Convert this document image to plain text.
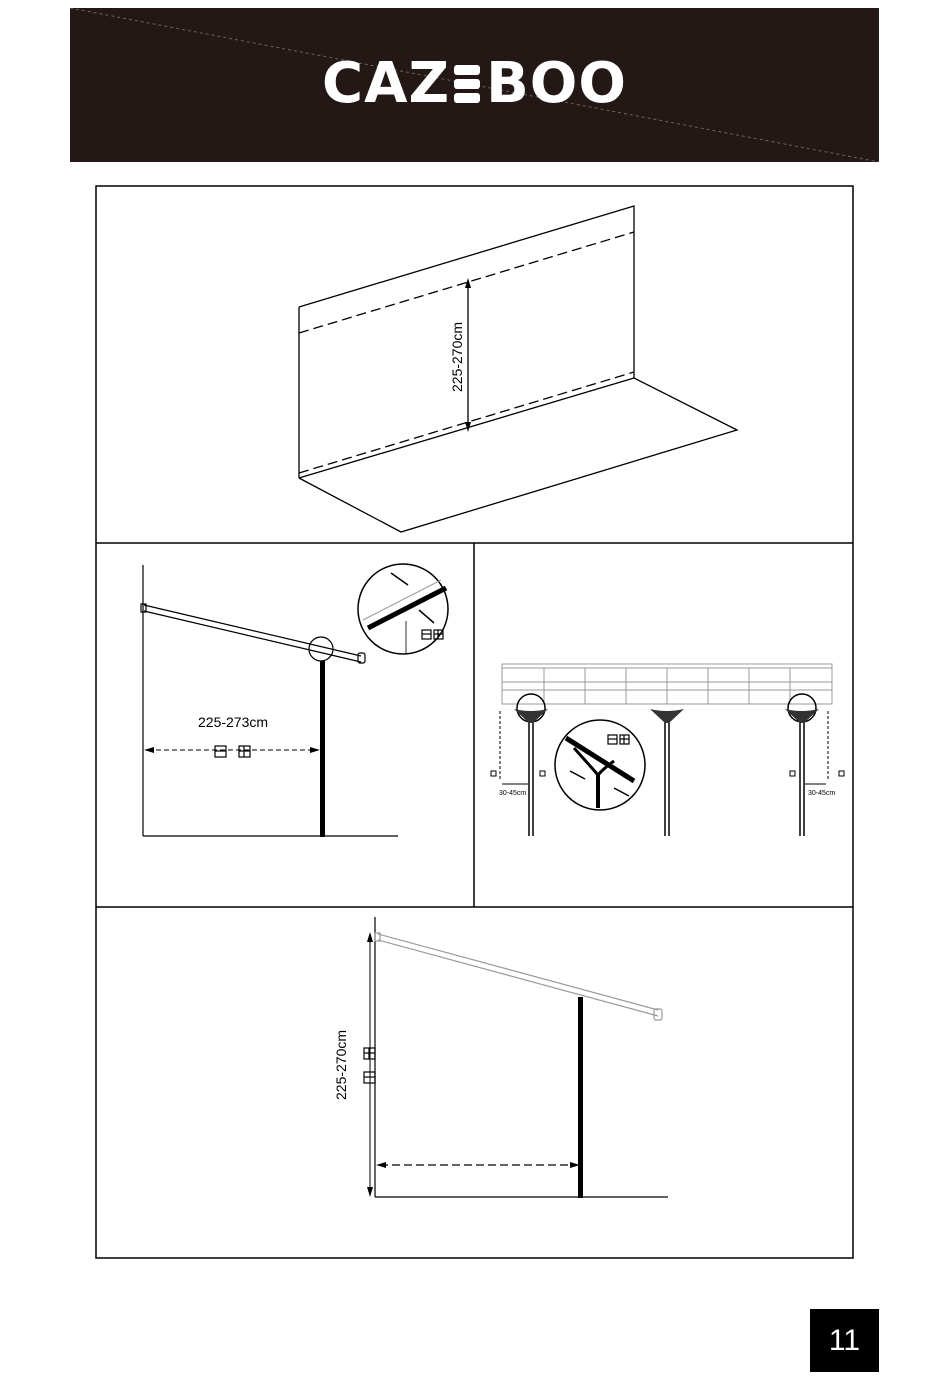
CAZ BOO
225-270cm
225-273cm
30-45cm	30-45cm
225-270cm
11
